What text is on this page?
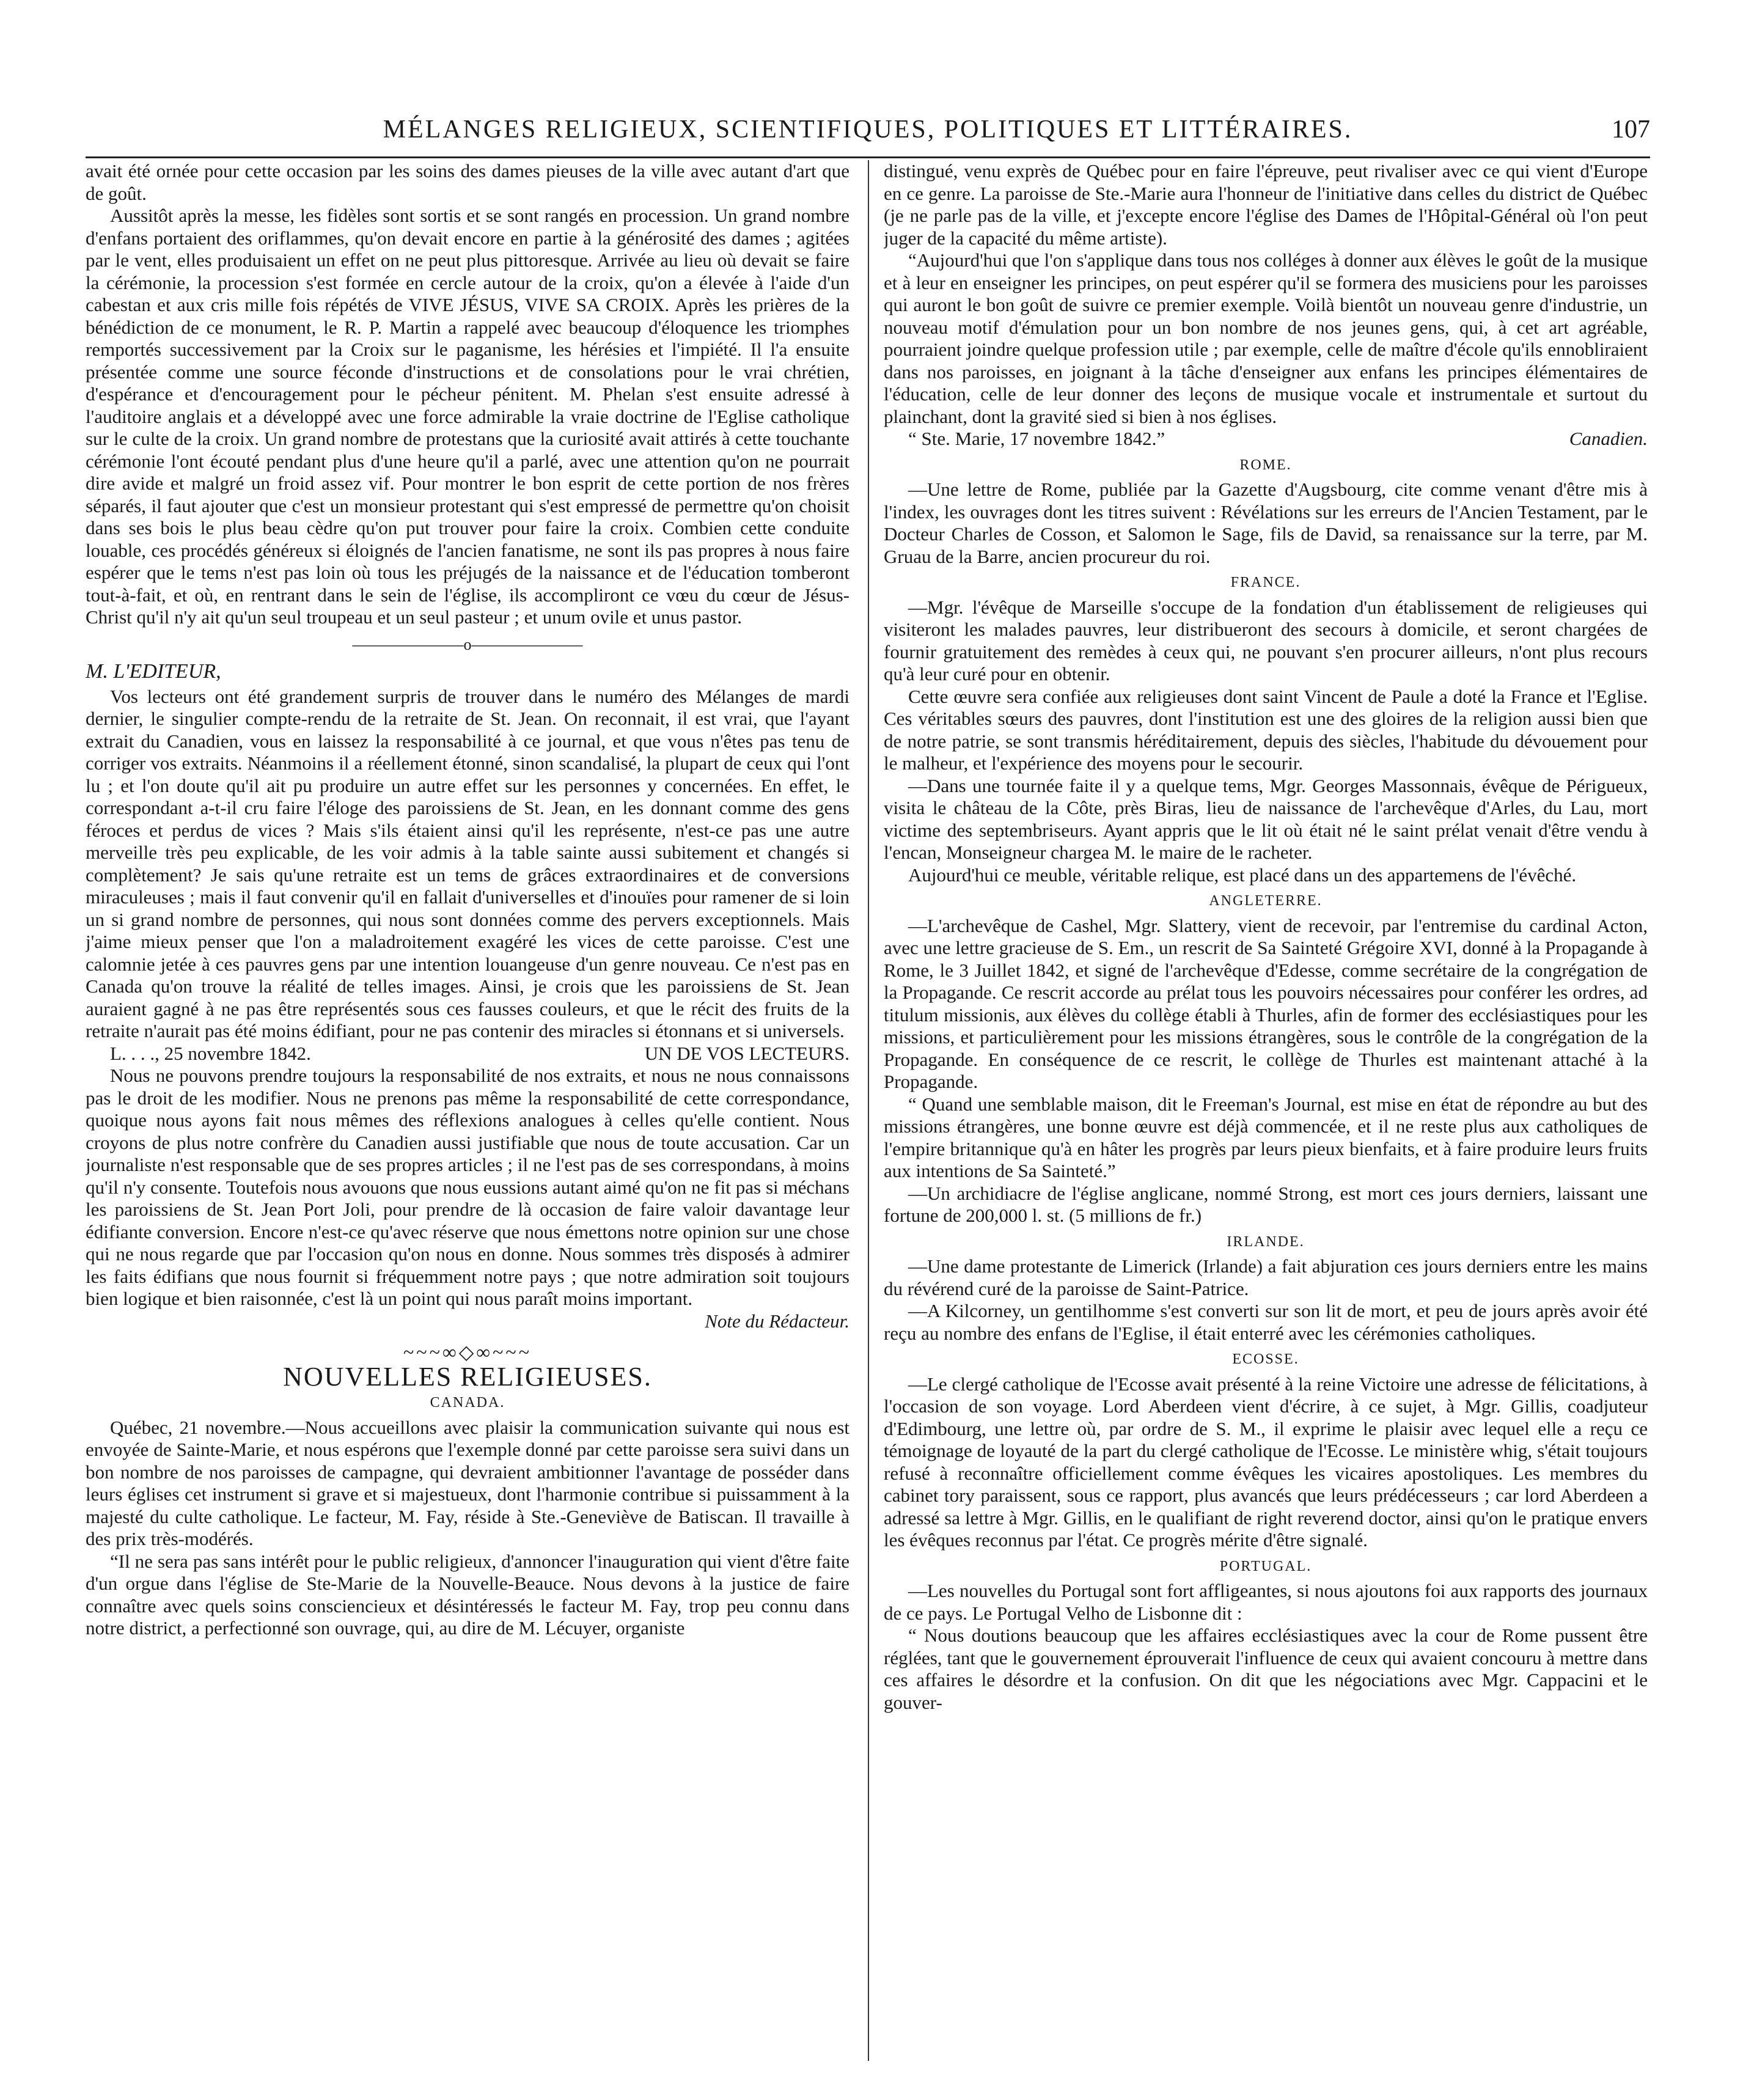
MÉLANGES RELIGIEUX, SCIENTIFIQUES, POLITIQUES ET LITTÉRAIRES.	107

avait été ornée pour cette occasion par les soins des dames pieuses de la ville avec autant d'art que de goût.

Aussitôt après la messe, les fidèles sont sortis et se sont rangés en procession. Un grand nombre d'enfans portaient des oriflammes, qu'on devait encore en partie à la générosité des dames ; agitées par le vent, elles produisaient un effet on ne peut plus pittoresque. Arrivée au lieu où devait se faire la cérémonie, la procession s'est formée en cercle autour de la croix, qu'on a élevée à l'aide d'un cabestan et aux cris mille fois répétés de VIVE JÉSUS, VIVE SA CROIX. Après les prières de la bénédiction de ce monument, le R. P. Martin a rappelé avec beaucoup d'éloquence les triomphes remportés successivement par la Croix sur le paganisme, les hérésies et l'impiété. Il l'a ensuite présentée comme une source féconde d'instructions et de consolations pour le vrai chrétien, d'espérance et d'encouragement pour le pécheur pénitent. M. Phelan s'est ensuite adressé à l'auditoire anglais et a développé avec une force admirable la vraie doctrine de l'Eglise catholique sur le culte de la croix. Un grand nombre de protestans que la curiosité avait attirés à cette touchante cérémonie l'ont écouté pendant plus d'une heure qu'il a parlé, avec une attention qu'on ne pourrait dire avide et malgré un froid assez vif. Pour montrer le bon esprit de cette portion de nos frères séparés, il faut ajouter que c'est un monsieur protestant qui s'est empressé de permettre qu'on choisit dans ses bois le plus beau cèdre qu'on put trouver pour faire la croix. Combien cette conduite louable, ces procédés généreux si éloignés de l'ancien fanatisme, ne sont ils pas propres à nous faire espérer que le tems n'est pas loin où tous les préjugés de la naissance et de l'éducation tomberont tout-à-fait, et où, en rentrant dans le sein de l'église, ils accompliront ce vœu du cœur de Jésus-Christ qu'il n'y ait qu'un seul troupeau et un seul pasteur ; et unum ovile et unus pastor.

———————o———————

M. L'EDITEUR,

Vos lecteurs ont été grandement surpris de trouver dans le numéro des Mélanges de mardi dernier, le singulier compte-rendu de la retraite de St. Jean. On reconnait, il est vrai, que l'ayant extrait du Canadien, vous en laissez la responsabilité à ce journal, et que vous n'êtes pas tenu de corriger vos extraits. Néanmoins il a réellement étonné, sinon scandalisé, la plupart de ceux qui l'ont lu ; et l'on doute qu'il ait pu produire un autre effet sur les personnes y concernées. En effet, le correspondant a-t-il cru faire l'éloge des paroissiens de St. Jean, en les donnant comme des gens féroces et perdus de vices ? Mais s'ils étaient ainsi qu'il les représente, n'est-ce pas une autre merveille très peu explicable, de les voir admis à la table sainte aussi subitement et changés si complètement? Je sais qu'une retraite est un tems de grâces extraordinaires et de conversions miraculeuses ; mais il faut convenir qu'il en fallait d'universelles et d'inouïes pour ramener de si loin un si grand nombre de personnes, qui nous sont données comme des pervers exceptionnels. Mais j'aime mieux penser que l'on a maladroitement exagéré les vices de cette paroisse. C'est une calomnie jetée à ces pauvres gens par une intention louangeuse d'un genre nouveau. Ce n'est pas en Canada qu'on trouve la réalité de telles images. Ainsi, je crois que les paroissiens de St. Jean auraient gagné à ne pas être représentés sous ces fausses couleurs, et que le récit des fruits de la retraite n'aurait pas été moins édifiant, pour ne pas contenir des miracles si étonnans et si universels.

L. . . ., 25 novembre 1842.	UN DE VOS LECTEURS.

Nous ne pouvons prendre toujours la responsabilité de nos extraits, et nous ne nous connaissons pas le droit de les modifier. Nous ne prenons pas même la responsabilité de cette correspondance, quoique nous ayons fait nous mêmes des réflexions analogues à celles qu'elle contient. Nous croyons de plus notre confrère du Canadien aussi justifiable que nous de toute accusation. Car un journaliste n'est responsable que de ses propres articles ; il ne l'est pas de ses correspondans, à moins qu'il n'y consente. Toutefois nous avouons que nous eussions autant aimé qu'on ne fit pas si méchans les paroissiens de St. Jean Port Joli, pour prendre de là occasion de faire valoir davantage leur édifiante conversion. Encore n'est-ce qu'avec réserve que nous émettons notre opinion sur une chose qui ne nous regarde que par l'occasion qu'on nous en donne. Nous sommes très disposés à admirer les faits édifians que nous fournit si fréquemment notre pays ; que notre admiration soit toujours bien logique et bien raisonnée, c'est là un point qui nous paraît moins important.

Note du Rédacteur.
~~~∞◇∞~~~
NOUVELLES RELIGIEUSES.
CANADA.

Québec, 21 novembre.—Nous accueillons avec plaisir la communication suivante qui nous est envoyée de Sainte-Marie, et nous espérons que l'exemple donné par cette paroisse sera suivi dans un bon nombre de nos paroisses de campagne, qui devraient ambitionner l'avantage de posséder dans leurs églises cet instrument si grave et si majestueux, dont l'harmonie contribue si puissamment à la majesté du culte catholique. Le facteur, M. Fay, réside à Ste.-Geneviève de Batiscan. Il travaille à des prix très-modérés.

“Il ne sera pas sans intérêt pour le public religieux, d'annoncer l'inauguration qui vient d'être faite d'un orgue dans l'église de Ste-Marie de la Nouvelle-Beauce. Nous devons à la justice de faire connaître avec quels soins consciencieux et désintéressés le facteur M. Fay, trop peu connu dans notre district, a perfectionné son ouvrage, qui, au dire de M. Lécuyer, organiste

distingué, venu exprès de Québec pour en faire l'épreuve, peut rivaliser avec ce qui vient d'Europe en ce genre. La paroisse de Ste.-Marie aura l'honneur de l'initiative dans celles du district de Québec (je ne parle pas de la ville, et j'excepte encore l'église des Dames de l'Hôpital-Général où l'on peut juger de la capacité du même artiste).

“Aujourd'hui que l'on s'applique dans tous nos colléges à donner aux élèves le goût de la musique et à leur en enseigner les principes, on peut espérer qu'il se formera des musiciens pour les paroisses qui auront le bon goût de suivre ce premier exemple. Voilà bientôt un nouveau genre d'industrie, un nouveau motif d'émulation pour un bon nombre de nos jeunes gens, qui, à cet art agréable, pourraient joindre quelque profession utile ; par exemple, celle de maître d'école qu'ils ennobliraient dans nos paroisses, en joignant à la tâche d'enseigner aux enfans les principes élémentaires de l'éducation, celle de leur donner des leçons de musique vocale et instrumentale et surtout du plainchant, dont la gravité sied si bien à nos églises.

“ Ste. Marie, 17 novembre 1842.”	Canadien.
ROME.

—Une lettre de Rome, publiée par la Gazette d'Augsbourg, cite comme venant d'être mis à l'index, les ouvrages dont les titres suivent : Révélations sur les erreurs de l'Ancien Testament, par le Docteur Charles de Cosson, et Salomon le Sage, fils de David, sa renaissance sur la terre, par M. Gruau de la Barre, ancien procureur du roi.

FRANCE.

—Mgr. l'évêque de Marseille s'occupe de la fondation d'un établissement de religieuses qui visiteront les malades pauvres, leur distribueront des secours à domicile, et seront chargées de fournir gratuitement des remèdes à ceux qui, ne pouvant s'en procurer ailleurs, n'ont plus recours qu'à leur curé pour en obtenir.

Cette œuvre sera confiée aux religieuses dont saint Vincent de Paule a doté la France et l'Eglise. Ces véritables sœurs des pauvres, dont l'institution est une des gloires de la religion aussi bien que de notre patrie, se sont transmis héréditairement, depuis des siècles, l'habitude du dévouement pour le malheur, et l'expérience des moyens pour le secourir.

—Dans une tournée faite il y a quelque tems, Mgr. Georges Massonnais, évêque de Périgueux, visita le château de la Côte, près Biras, lieu de naissance de l'archevêque d'Arles, du Lau, mort victime des septembriseurs. Ayant appris que le lit où était né le saint prélat venait d'être vendu à l'encan, Monseigneur chargea M. le maire de le racheter.

Aujourd'hui ce meuble, véritable relique, est placé dans un des appartemens de l'évêché.

ANGLETERRE.

—L'archevêque de Cashel, Mgr. Slattery, vient de recevoir, par l'entremise du cardinal Acton, avec une lettre gracieuse de S. Em., un rescrit de Sa Sainteté Grégoire XVI, donné à la Propagande à Rome, le 3 Juillet 1842, et signé de l'archevêque d'Edesse, comme secrétaire de la congrégation de la Propagande. Ce rescrit accorde au prélat tous les pouvoirs nécessaires pour conférer les ordres, ad titulum missionis, aux élèves du collège établi à Thurles, afin de former des ecclésiastiques pour les missions, et particulièrement pour les missions étrangères, sous le contrôle de la congrégation de la Propagande. En conséquence de ce rescrit, le collège de Thurles est maintenant attaché à la Propagande.

“ Quand une semblable maison, dit le Freeman's Journal, est mise en état de répondre au but des missions étrangères, une bonne œuvre est déjà commencée, et il ne reste plus aux catholiques de l'empire britannique qu'à en hâter les progrès par leurs pieux bienfaits, et à faire produire leurs fruits aux intentions de Sa Sainteté.”

—Un archidiacre de l'église anglicane, nommé Strong, est mort ces jours derniers, laissant une fortune de 200,000 l. st. (5 millions de fr.)

IRLANDE.

—Une dame protestante de Limerick (Irlande) a fait abjuration ces jours derniers entre les mains du révérend curé de la paroisse de Saint-Patrice.

—A Kilcorney, un gentilhomme s'est converti sur son lit de mort, et peu de jours après avoir été reçu au nombre des enfans de l'Eglise, il était enterré avec les cérémonies catholiques.

ECOSSE.

—Le clergé catholique de l'Ecosse avait présenté à la reine Victoire une adresse de félicitations, à l'occasion de son voyage. Lord Aberdeen vient d'écrire, à ce sujet, à Mgr. Gillis, coadjuteur d'Edimbourg, une lettre où, par ordre de S. M., il exprime le plaisir avec lequel elle a reçu ce témoignage de loyauté de la part du clergé catholique de l'Ecosse. Le ministère whig, s'était toujours refusé à reconnaître officiellement comme évêques les vicaires apostoliques. Les membres du cabinet tory paraissent, sous ce rapport, plus avancés que leurs prédécesseurs ; car lord Aberdeen a adressé sa lettre à Mgr. Gillis, en le qualifiant de right reverend doctor, ainsi qu'on le pratique envers les évêques reconnus par l'état. Ce progrès mérite d'être signalé.

PORTUGAL.

—Les nouvelles du Portugal sont fort affligeantes, si nous ajoutons foi aux rapports des journaux de ce pays. Le Portugal Velho de Lisbonne dit :

“ Nous doutions beaucoup que les affaires ecclésiastiques avec la cour de Rome pussent être réglées, tant que le gouvernement éprouverait l'influence de ceux qui avaient concouru à mettre dans ces affaires le désordre et la confusion. On dit que les négociations avec Mgr. Cappacini et le gouver-
